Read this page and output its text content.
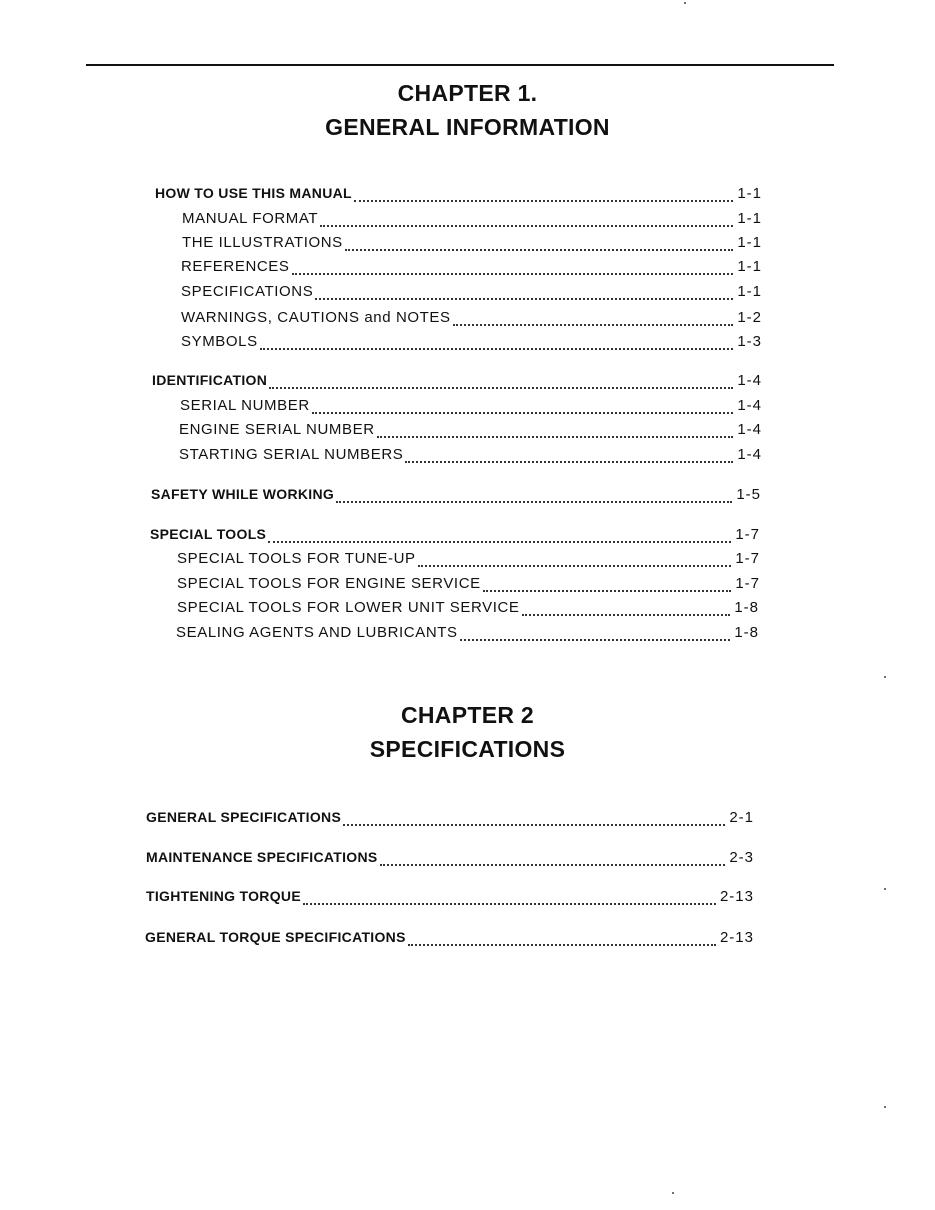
CHAPTER 1.
GENERAL INFORMATION
HOW TO USE THIS MANUAL	1-1
MANUAL FORMAT	1-1
THE ILLUSTRATIONS	1-1
REFERENCES	1-1
SPECIFICATIONS	1-1
WARNINGS, CAUTIONS and NOTES	1-2
SYMBOLS	1-3
IDENTIFICATION	1-4
SERIAL NUMBER	1-4
ENGINE SERIAL NUMBER	1-4
STARTING SERIAL NUMBERS	1-4
SAFETY WHILE WORKING	1-5
SPECIAL TOOLS	1-7
SPECIAL TOOLS FOR TUNE-UP	1-7
SPECIAL TOOLS FOR ENGINE SERVICE	1-7
SPECIAL TOOLS FOR LOWER UNIT SERVICE	1-8
SEALING AGENTS AND LUBRICANTS	1-8
CHAPTER 2
SPECIFICATIONS
GENERAL SPECIFICATIONS	2-1
MAINTENANCE SPECIFICATIONS	2-3
TIGHTENING TORQUE	2-13
GENERAL TORQUE SPECIFICATIONS	2-13
